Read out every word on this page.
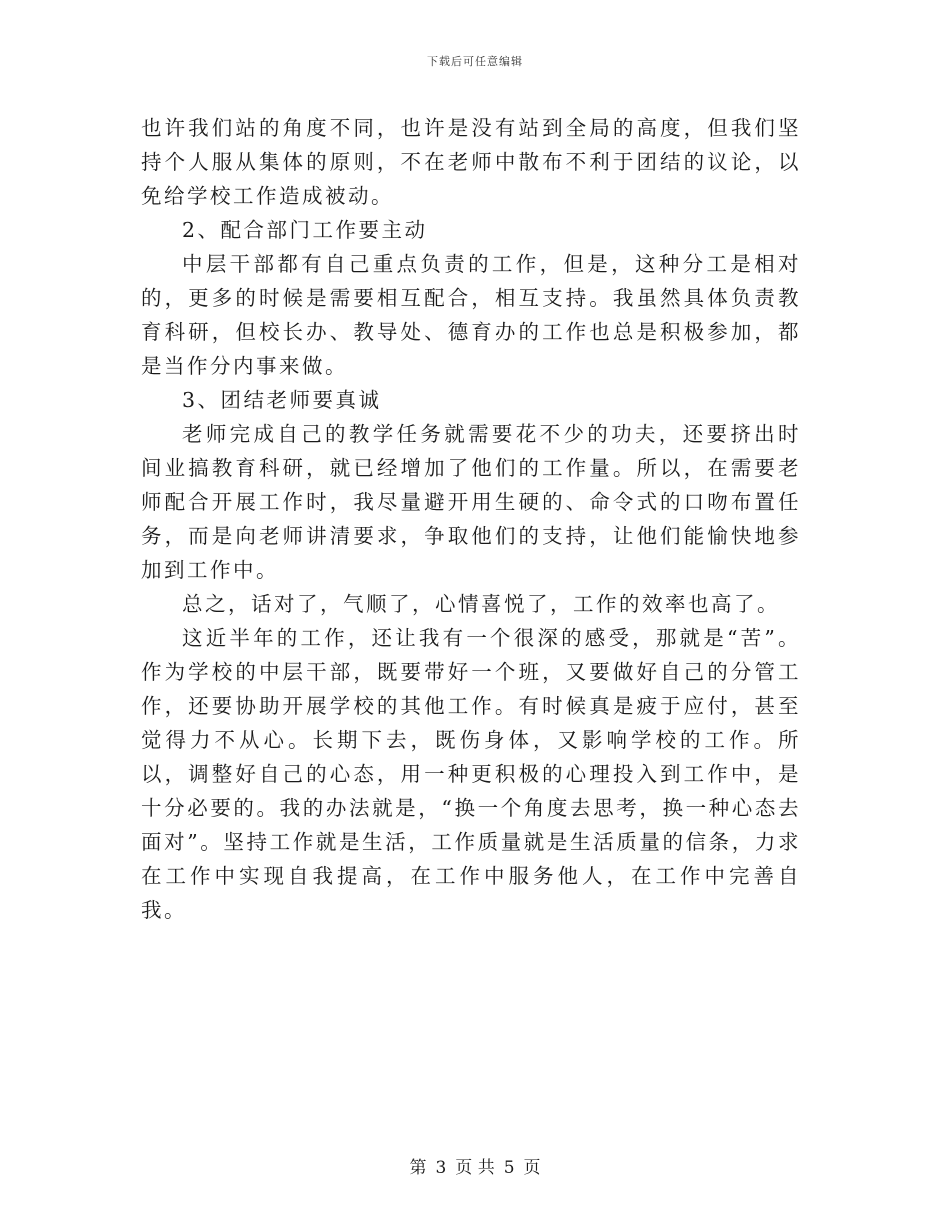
下载后可任意编辑

也许我们站的角度不同，也许是没有站到全局的高度，但我们坚持个人服从集体的原则，不在老师中散布不利于团结的议论，以免给学校工作造成被动。

2、配合部门工作要主动

中层干部都有自己重点负责的工作，但是，这种分工是相对的，更多的时候是需要相互配合，相互支持。我虽然具体负责教育科研，但校长办、教导处、德育办的工作也总是积极参加，都是当作分内事来做。

3、团结老师要真诚

老师完成自己的教学任务就需要花不少的功夫，还要挤出时间业搞教育科研，就已经增加了他们的工作量。所以，在需要老师配合开展工作时，我尽量避开用生硬的、命令式的口吻布置任务，而是向老师讲清要求，争取他们的支持，让他们能愉快地参加到工作中。

总之，话对了，气顺了，心情喜悦了，工作的效率也高了。

这近半年的工作，还让我有一个很深的感受，那就是“苦”。作为学校的中层干部，既要带好一个班，又要做好自己的分管工作，还要协助开展学校的其他工作。有时候真是疲于应付，甚至觉得力不从心。长期下去，既伤身体，又影响学校的工作。所以，调整好自己的心态，用一种更积极的心理投入到工作中，是十分必要的。我的办法就是，“换一个角度去思考，换一种心态去面对”。坚持工作就是生活，工作质量就是生活质量的信条，力求在工作中实现自我提高，在工作中服务他人，在工作中完善自我。

第 3 页 共 5 页
